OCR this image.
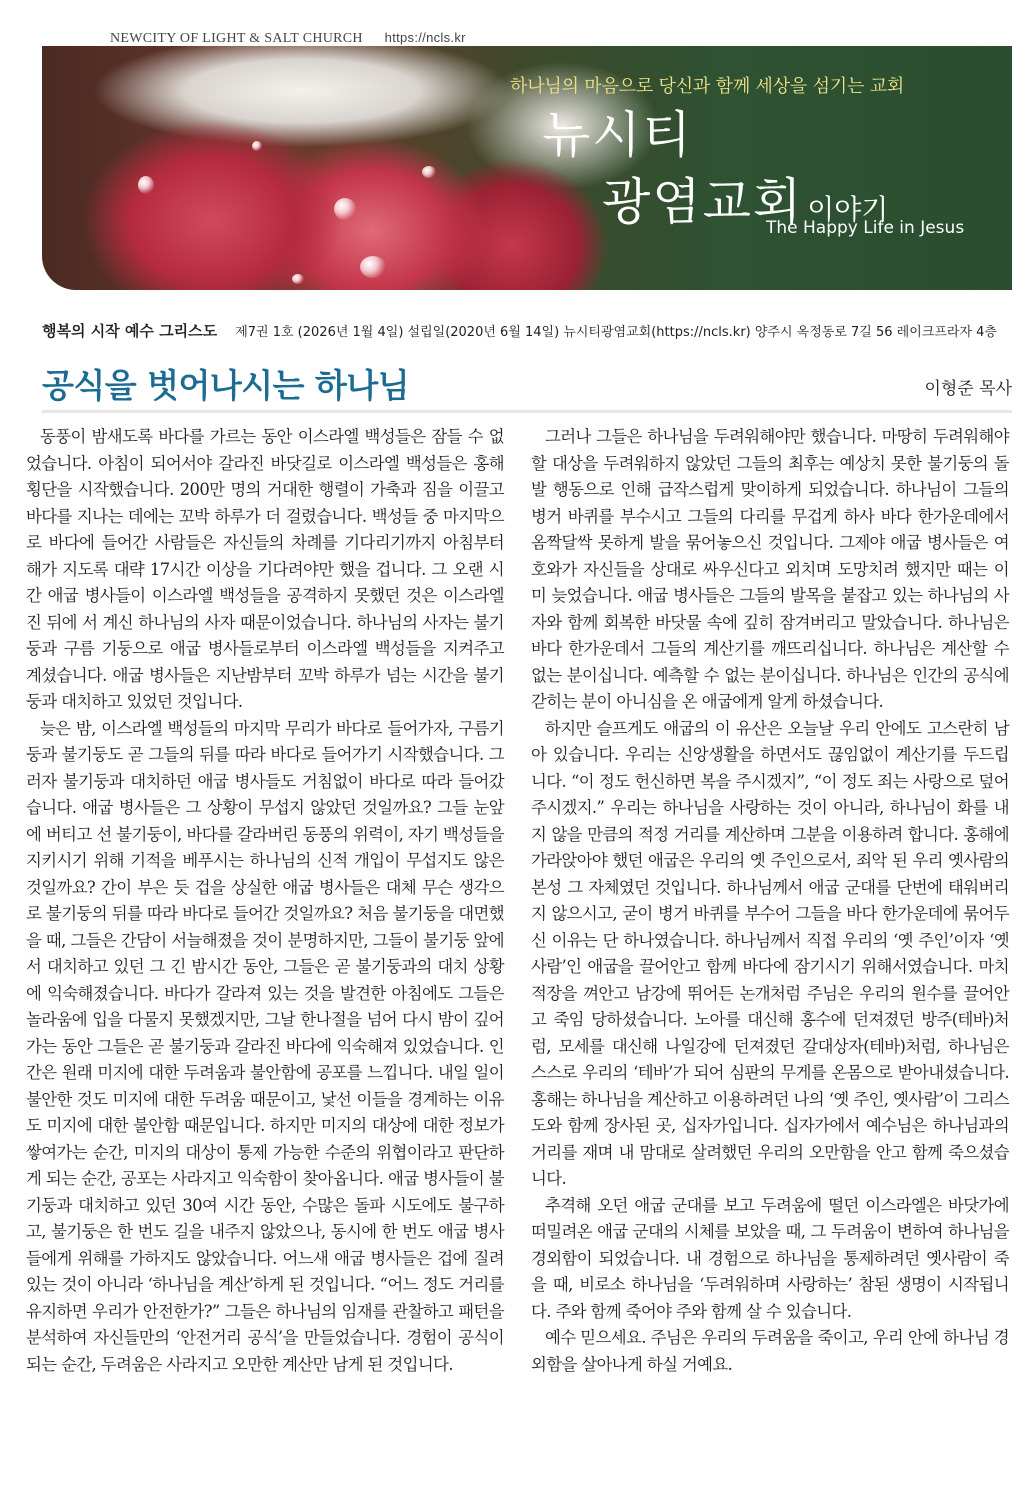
NEWCITY OF LIGHT & SALT CHURCH https://ncls.kr
하나님의 마음으로 당신과 함께 세상을 섬기는 교회
뉴시티
광염교회 이야기
The Happy Life in Jesus
행복의 시작 예수 그리스도 제7권 1호 (2026년 1월 4일) 설립일(2020년 6월 14일) 뉴시티광염교회(https://ncls.kr) 양주시 옥정동로 7길 56 레이크프라자 4층
공식을 벗어나시는 하나님	이형준 목사

동풍이 밤새도록 바다를 가르는 동안 이스라엘 백성들은 잠들 수 없었습니다. 아침이 되어서야 갈라진 바닷길로 이스라엘 백성들은 홍해 횡단을 시작했습니다. 200만 명의 거대한 행렬이 가축과 짐을 이끌고 바다를 지나는 데에는 꼬박 하루가 더 걸렸습니다. 백성들 중 마지막으로 바다에 들어간 사람들은 자신들의 차례를 기다리기까지 아침부터 해가 지도록 대략 17시간 이상을 기다려야만 했을 겁니다. 그 오랜 시간 애굽 병사들이 이스라엘 백성들을 공격하지 못했던 것은 이스라엘 진 뒤에 서 계신 하나님의 사자 때문이었습니다. 하나님의 사자는 불기둥과 구름 기둥으로 애굽 병사들로부터 이스라엘 백성들을 지켜주고 계셨습니다. 애굽 병사들은 지난밤부터 꼬박 하루가 넘는 시간을 불기둥과 대치하고 있었던 것입니다.

늦은 밤, 이스라엘 백성들의 마지막 무리가 바다로 들어가자, 구름기둥과 불기둥도 곧 그들의 뒤를 따라 바다로 들어가기 시작했습니다. 그러자 불기둥과 대치하던 애굽 병사들도 거침없이 바다로 따라 들어갔습니다. 애굽 병사들은 그 상황이 무섭지 않았던 것일까요? 그들 눈앞에 버티고 선 불기둥이, 바다를 갈라버린 동풍의 위력이, 자기 백성들을 지키시기 위해 기적을 베푸시는 하나님의 신적 개입이 무섭지도 않은 것일까요? 간이 부은 듯 겁을 상실한 애굽 병사들은 대체 무슨 생각으로 불기둥의 뒤를 따라 바다로 들어간 것일까요? 처음 불기둥을 대면했을 때, 그들은 간담이 서늘해졌을 것이 분명하지만, 그들이 불기둥 앞에서 대치하고 있던 그 긴 밤시간 동안, 그들은 곧 불기둥과의 대치 상황에 익숙해졌습니다. 바다가 갈라져 있는 것을 발견한 아침에도 그들은 놀라움에 입을 다물지 못했겠지만, 그날 한나절을 넘어 다시 밤이 깊어가는 동안 그들은 곧 불기둥과 갈라진 바다에 익숙해져 있었습니다. 인간은 원래 미지에 대한 두려움과 불안함에 공포를 느낍니다. 내일 일이 불안한 것도 미지에 대한 두려움 때문이고, 낯선 이들을 경계하는 이유도 미지에 대한 불안함 때문입니다. 하지만 미지의 대상에 대한 정보가 쌓여가는 순간, 미지의 대상이 통제 가능한 수준의 위협이라고 판단하게 되는 순간, 공포는 사라지고 익숙함이 찾아옵니다. 애굽 병사들이 불기둥과 대치하고 있던 30여 시간 동안, 수많은 돌파 시도에도 불구하고, 불기둥은 한 번도 길을 내주지 않았으나, 동시에 한 번도 애굽 병사들에게 위해를 가하지도 않았습니다. 어느새 애굽 병사들은 겁에 질려 있는 것이 아니라 ‘하나님을 계산’하게 된 것입니다. “어느 정도 거리를 유지하면 우리가 안전한가?” 그들은 하나님의 임재를 관찰하고 패턴을 분석하여 자신들만의 ‘안전거리 공식’을 만들었습니다. 경험이 공식이 되는 순간, 두려움은 사라지고 오만한 계산만 남게 된 것입니다.

그러나 그들은 하나님을 두려워해야만 했습니다. 마땅히 두려워해야 할 대상을 두려워하지 않았던 그들의 최후는 예상치 못한 불기둥의 돌발 행동으로 인해 급작스럽게 맞이하게 되었습니다. 하나님이 그들의 병거 바퀴를 부수시고 그들의 다리를 무겁게 하사 바다 한가운데에서 옴짝달싹 못하게 발을 묶어놓으신 것입니다. 그제야 애굽 병사들은 여호와가 자신들을 상대로 싸우신다고 외치며 도망치려 했지만 때는 이미 늦었습니다. 애굽 병사들은 그들의 발목을 붙잡고 있는 하나님의 사자와 함께 회복한 바닷물 속에 깊히 잠겨버리고 말았습니다. 하나님은 바다 한가운데서 그들의 계산기를 깨뜨리십니다. 하나님은 계산할 수 없는 분이십니다. 예측할 수 없는 분이십니다. 하나님은 인간의 공식에 갇히는 분이 아니심을 온 애굽에게 알게 하셨습니다.

하지만 슬프게도 애굽의 이 유산은 오늘날 우리 안에도 고스란히 남아 있습니다. 우리는 신앙생활을 하면서도 끊임없이 계산기를 두드립니다. “이 정도 헌신하면 복을 주시겠지”, “이 정도 죄는 사랑으로 덮어주시겠지.” 우리는 하나님을 사랑하는 것이 아니라, 하나님이 화를 내지 않을 만큼의 적정 거리를 계산하며 그분을 이용하려 합니다. 홍해에 가라앉아야 했던 애굽은 우리의 옛 주인으로서, 죄악 된 우리 옛사람의 본성 그 자체였던 것입니다. 하나님께서 애굽 군대를 단번에 태워버리지 않으시고, 굳이 병거 바퀴를 부수어 그들을 바다 한가운데에 묶어두신 이유는 단 하나였습니다. 하나님께서 직접 우리의 ‘옛 주인’이자 ‘옛사람’인 애굽을 끌어안고 함께 바다에 잠기시기 위해서였습니다. 마치 적장을 껴안고 남강에 뛰어든 논개처럼 주님은 우리의 원수를 끌어안고 죽임 당하셨습니다. 노아를 대신해 홍수에 던져졌던 방주(테바)처럼, 모세를 대신해 나일강에 던져졌던 갈대상자(테바)처럼, 하나님은 스스로 우리의 ‘테바’가 되어 심판의 무게를 온몸으로 받아내셨습니다. 홍해는 하나님을 계산하고 이용하려던 나의 ‘옛 주인, 옛사람’이 그리스도와 함께 장사된 곳, 십자가입니다. 십자가에서 예수님은 하나님과의 거리를 재며 내 맘대로 살려했던 우리의 오만함을 안고 함께 죽으셨습니다.

추격해 오던 애굽 군대를 보고 두려움에 떨던 이스라엘은 바닷가에 떠밀려온 애굽 군대의 시체를 보았을 때, 그 두려움이 변하여 하나님을 경외함이 되었습니다. 내 경험으로 하나님을 통제하려던 옛사람이 죽을 때, 비로소 하나님을 ‘두려워하며 사랑하는’ 참된 생명이 시작됩니다. 주와 함께 죽어야 주와 함께 살 수 있습니다.

예수 믿으세요. 주님은 우리의 두려움을 죽이고, 우리 안에 하나님 경외함을 살아나게 하실 거예요.
